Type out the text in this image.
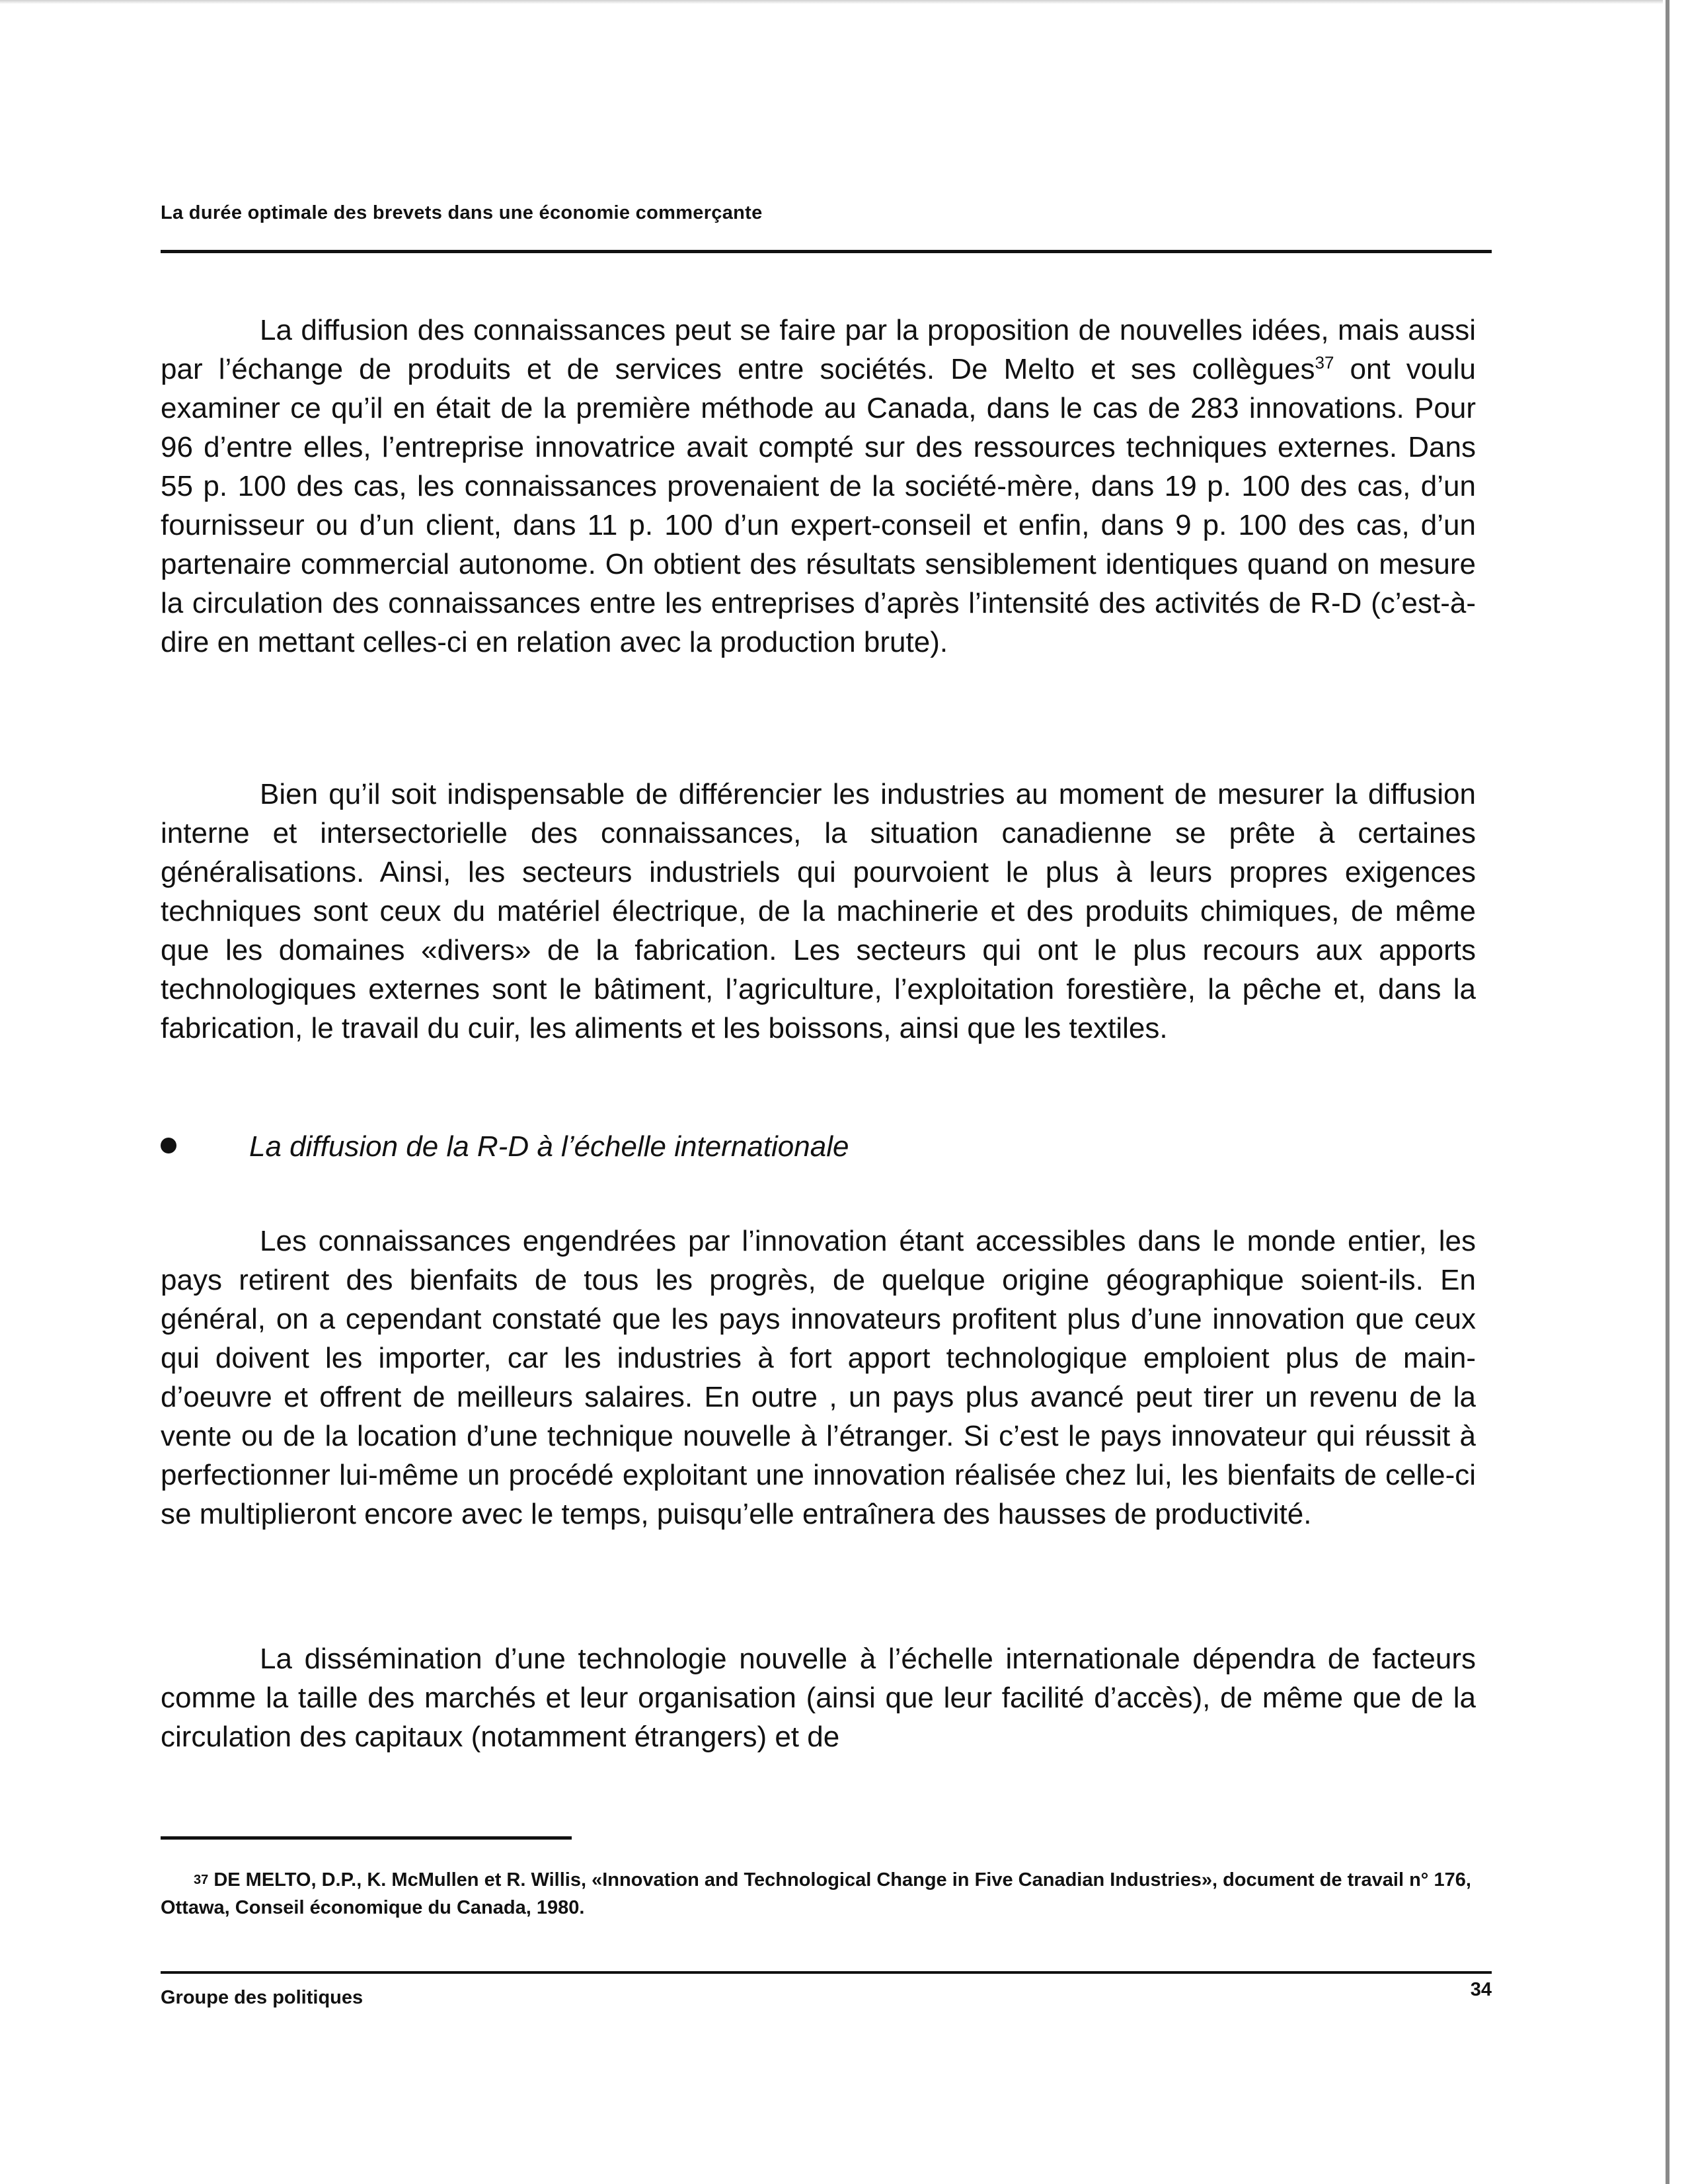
La durée optimale des brevets dans une économie commerçante

La diffusion des connaissances peut se faire par la proposition de nouvelles idées, mais aussi par l’échange de produits et de services entre sociétés. De Melto et ses collègues$^{37}$ ont voulu examiner ce qu’il en était de la première méthode au Canada, dans le cas de 283 innovations. Pour 96 d’entre elles, l’entreprise innovatrice avait compté sur des ressources techniques externes. Dans 55 p. 100 des cas, les connaissances provenaient de la société-mère, dans 19 p. 100 des cas, d’un fournisseur ou d’un client, dans 11 p. 100 d’un expert-conseil et enfin, dans 9 p. 100 des cas, d’un partenaire commercial autonome. On obtient des résultats sensiblement identiques quand on mesure la circulation des connaissances entre les entreprises d’après l’intensité des activités de R-D (c’est-à-dire en mettant celles-ci en relation avec la production brute).

Bien qu’il soit indispensable de différencier les industries au moment de mesurer la diffusion interne et intersectorielle des connaissances, la situation canadienne se prête à certaines généralisations. Ainsi, les secteurs industriels qui pourvoient le plus à leurs propres exigences techniques sont ceux du matériel électrique, de la machinerie et des produits chimiques, de même que les domaines «divers» de la fabrication. Les secteurs qui ont le plus recours aux apports technologiques externes sont le bâtiment, l’agriculture, l’exploitation forestière, la pêche et, dans la fabrication, le travail du cuir, les aliments et les boissons, ainsi que les textiles.

La diffusion de la R-D à l’échelle internationale

Les connaissances engendrées par l’innovation étant accessibles dans le monde entier, les pays retirent des bienfaits de tous les progrès, de quelque origine géographique soient-ils. En général, on a cependant constaté que les pays innovateurs profitent plus d’une innovation que ceux qui doivent les importer, car les industries à fort apport technologique emploient plus de main-d’oeuvre et offrent de meilleurs salaires. En outre , un pays plus avancé peut tirer un revenu de la vente ou de la location d’une technique nouvelle à l’étranger. Si c’est le pays innovateur qui réussit à perfectionner lui-même un procédé exploitant une innovation réalisée chez lui, les bienfaits de celle-ci se multiplieront encore avec le temps, puisqu’elle entraînera des hausses de productivité.

La dissémination d’une technologie nouvelle à l’échelle internationale dépendra de facteurs comme la taille des marchés et leur organisation (ainsi que leur facilité d’accès), de même que de la circulation des capitaux (notamment étrangers) et de

$^{37}$ DE MELTO, D.P., K. McMullen et R. Willis, «Innovation and Technological Change in Five Canadian Industries», document de travail n° 176, Ottawa, Conseil économique du Canada, 1980.

Groupe des politiques	34
